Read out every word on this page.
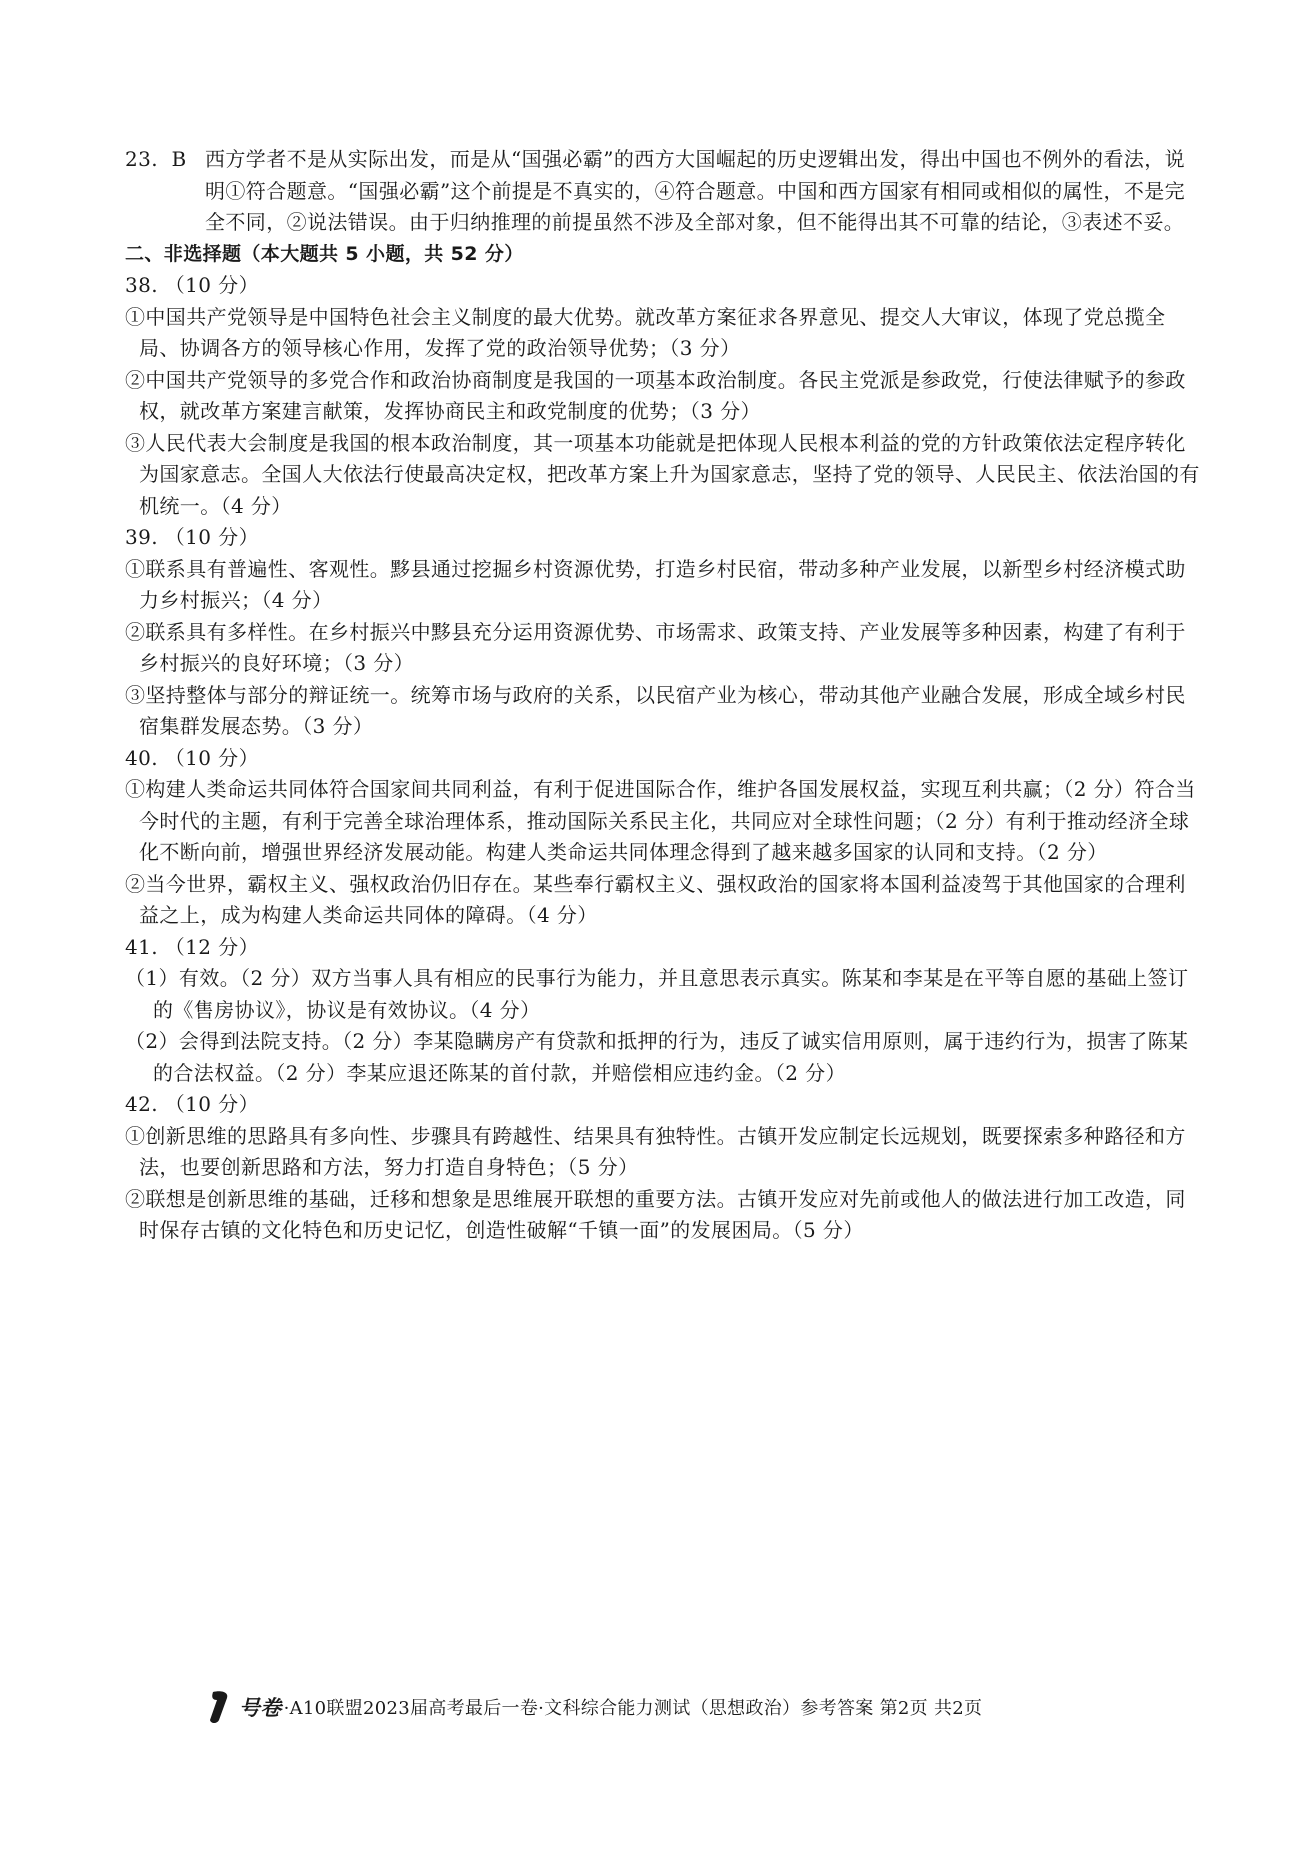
23.  B 西方学者不是从实际出发，而是从“国强必霸”的西方大国崛起的历史逻辑出发，得出中国也不例外的看法，说明①符合题意。“国强必霸”这个前提是不真实的，④符合题意。中国和西方国家有相同或相似的属性，不是完全不同，②说法错误。由于归纳推理的前提虽然不涉及全部对象，但不能得出其不可靠的结论，③表述不妥。
二、非选择题（本大题共 5 小题，共 52 分）
38. （10 分）
①中国共产党领导是中国特色社会主义制度的最大优势。就改革方案征求各界意见、提交人大审议，体现了党总揽全局、协调各方的领导核心作用，发挥了党的政治领导优势；（3 分）
②中国共产党领导的多党合作和政治协商制度是我国的一项基本政治制度。各民主党派是参政党，行使法律赋予的参政权，就改革方案建言献策，发挥协商民主和政党制度的优势；（3 分）
③人民代表大会制度是我国的根本政治制度，其一项基本功能就是把体现人民根本利益的党的方针政策依法定程序转化为国家意志。全国人大依法行使最高决定权，把改革方案上升为国家意志，坚持了党的领导、人民民主、依法治国的有机统一。（4 分）
39. （10 分）
①联系具有普遍性、客观性。黟县通过挖掘乡村资源优势，打造乡村民宿，带动多种产业发展，以新型乡村经济模式助力乡村振兴；（4 分）
②联系具有多样性。在乡村振兴中黟县充分运用资源优势、市场需求、政策支持、产业发展等多种因素，构建了有利于乡村振兴的良好环境；（3 分）
③坚持整体与部分的辩证统一。统筹市场与政府的关系，以民宿产业为核心，带动其他产业融合发展，形成全域乡村民宿集群发展态势。（3 分）
40. （10 分）
①构建人类命运共同体符合国家间共同利益，有利于促进国际合作，维护各国发展权益，实现互利共赢；（2 分）符合当今时代的主题，有利于完善全球治理体系，推动国际关系民主化，共同应对全球性问题；（2 分）有利于推动经济全球化不断向前，增强世界经济发展动能。构建人类命运共同体理念得到了越来越多国家的认同和支持。（2 分）
②当今世界，霸权主义、强权政治仍旧存在。某些奉行霸权主义、强权政治的国家将本国利益凌驾于其他国家的合理利益之上，成为构建人类命运共同体的障碍。（4 分）
41. （12 分）
（1）有效。（2 分）双方当事人具有相应的民事行为能力，并且意思表示真实。陈某和李某是在平等自愿的基础上签订的《售房协议》，协议是有效协议。（4 分）
（2）会得到法院支持。（2 分）李某隐瞒房产有贷款和抵押的行为，违反了诚实信用原则，属于违约行为，损害了陈某的合法权益。（2 分）李某应退还陈某的首付款，并赔偿相应违约金。（2 分）
42. （10 分）
①创新思维的思路具有多向性、步骤具有跨越性、结果具有独特性。古镇开发应制定长远规划，既要探索多种路径和方法，也要创新思路和方法，努力打造自身特色；（5 分）
②联想是创新思维的基础，迁移和想象是思维展开联想的重要方法。古镇开发应对先前或他人的做法进行加工改造，同时保存古镇的文化特色和历史记忆，创造性破解“千镇一面”的发展困局。（5 分）
号卷 ·A10联盟2023届高考最后一卷·文科综合能力测试（思想政治）参考答案 第2页 共2页
